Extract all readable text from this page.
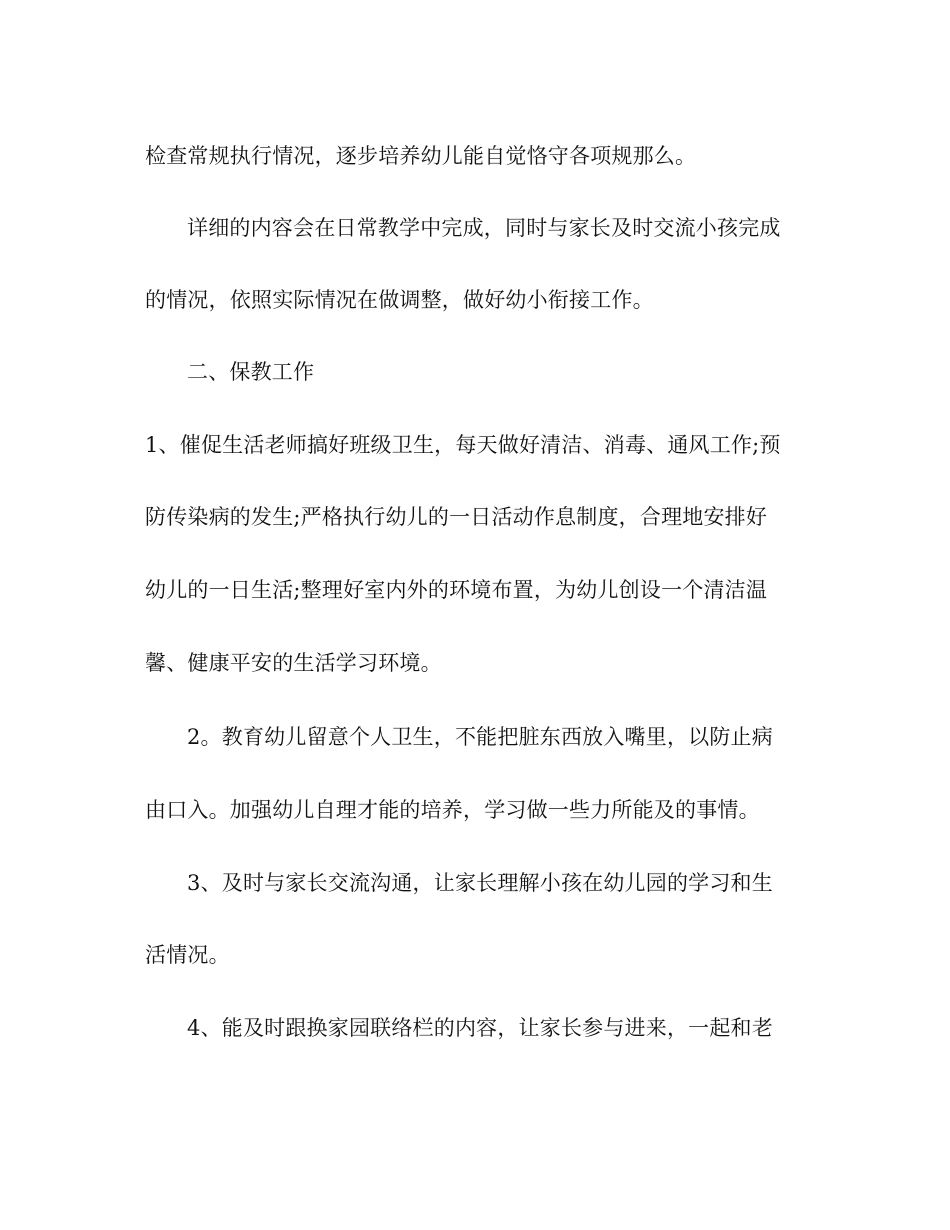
检查常规执行情况，逐步培养幼儿能自觉恪守各项规那么。
详细的内容会在日常教学中完成，同时与家长及时交流小孩完成
的情况，依照实际情况在做调整，做好幼小衔接工作。
二、保教工作
1、催促生活老师搞好班级卫生，每天做好清洁、消毒、通风工作;预
防传染病的发生;严格执行幼儿的一日活动作息制度，合理地安排好
幼儿的一日生活;整理好室内外的环境布置，为幼儿创设一个清洁温
馨、健康平安的生活学习环境。
2。教育幼儿留意个人卫生，不能把脏东西放入嘴里，以防止病
由口入。加强幼儿自理才能的培养，学习做一些力所能及的事情。
3、及时与家长交流沟通，让家长理解小孩在幼儿园的学习和生
活情况。
4、能及时跟换家园联络栏的内容，让家长参与进来，一起和老
